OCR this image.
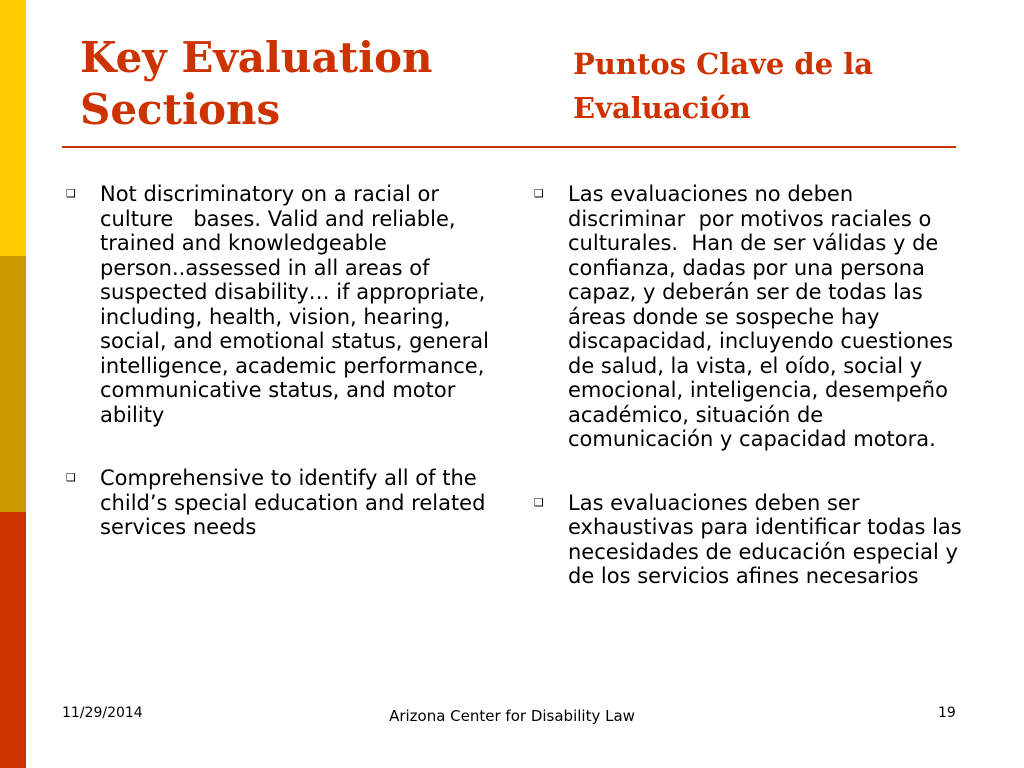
Key Evaluation Sections
Puntos Clave de la Evaluación
❑	Not discriminatory on a racial or culture   bases. Valid and reliable, trained and knowledgeable person..assessed in all areas of suspected disability… if appropriate, including, health, vision, hearing, social, and emotional status, general intelligence, academic performance, communicative status, and motor ability
❑	Comprehensive to identify all of the child’s special education and related services needs
❑	Las evaluaciones no deben discriminar  por motivos raciales o culturales.  Han de ser válidas y de confianza, dadas por una persona capaz, y deberán ser de todas las áreas donde se sospeche hay discapacidad, incluyendo cuestiones de salud, la vista, el oído, social y emocional, inteligencia, desempeño académico, situación de comunicación y capacidad motora.
❑	Las evaluaciones deben ser exhaustivas para identificar todas las necesidades de educación especial y de los servicios afines necesarios
11/29/2014	Arizona Center for Disability Law	19
